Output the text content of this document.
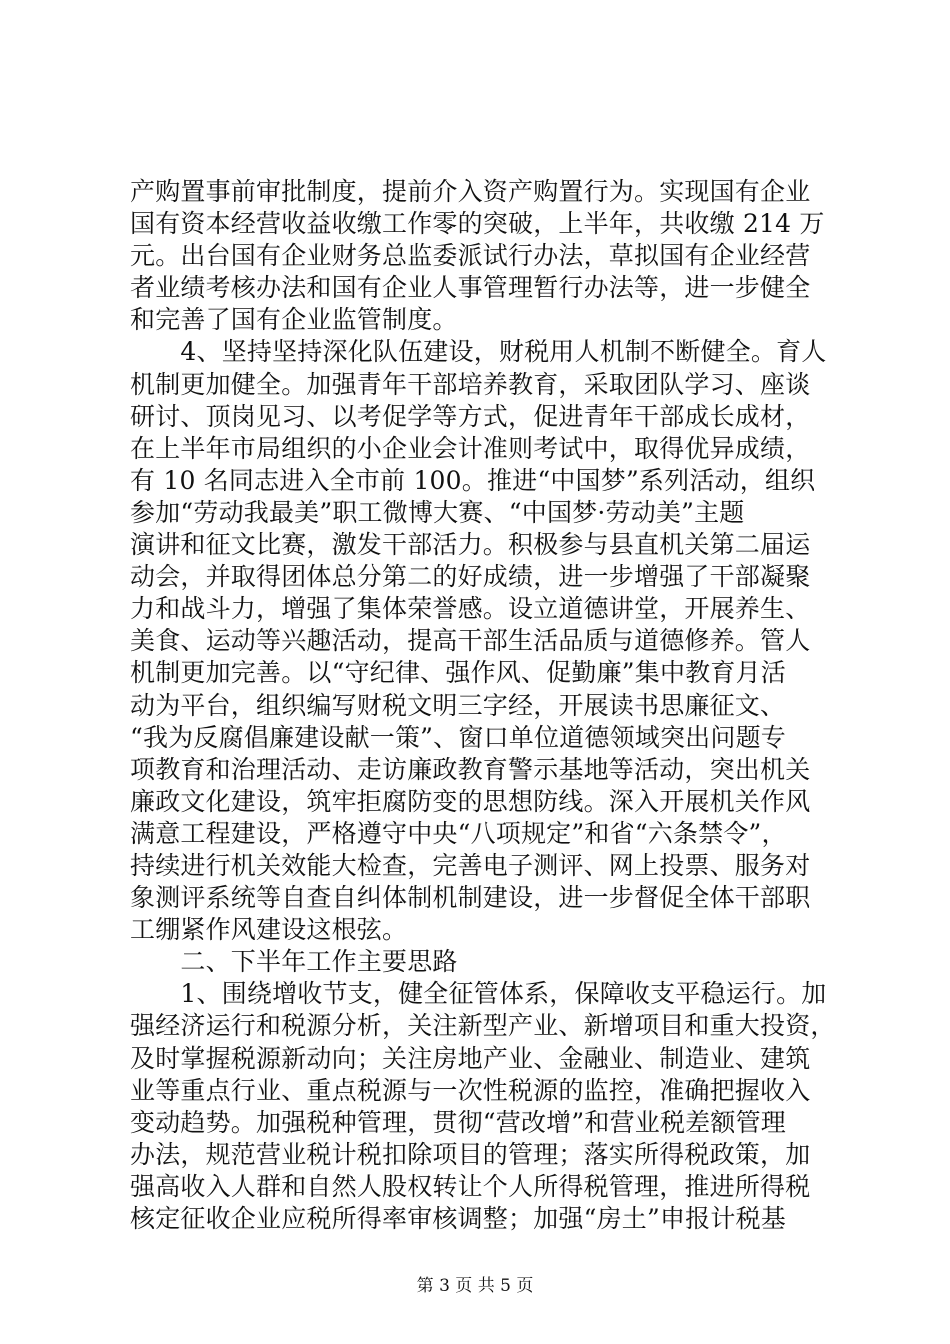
产购置事前审批制度，提前介入资产购置行为。实现国有企业
国有资本经营收益收缴工作零的突破，上半年，共收缴 214 万
元。出台国有企业财务总监委派试行办法，草拟国有企业经营
者业绩考核办法和国有企业人事管理暂行办法等，进一步健全
和完善了国有企业监管制度。
　　4、坚持坚持深化队伍建设，财税用人机制不断健全。育人
机制更加健全。加强青年干部培养教育，采取团队学习、座谈
研讨、顶岗见习、以考促学等方式，促进青年干部成长成材，
在上半年市局组织的小企业会计准则考试中，取得优异成绩，
有 10 名同志进入全市前 100。推进“中国梦”系列活动，组织
参加“劳动我最美”职工微博大赛、“中国梦·劳动美”主题
演讲和征文比赛，激发干部活力。积极参与县直机关第二届运
动会，并取得团体总分第二的好成绩，进一步增强了干部凝聚
力和战斗力，增强了集体荣誉感。设立道德讲堂，开展养生、
美食、运动等兴趣活动，提高干部生活品质与道德修养。管人
机制更加完善。以“守纪律、强作风、促勤廉”集中教育月活
动为平台，组织编写财税文明三字经，开展读书思廉征文、
“我为反腐倡廉建设献一策”、窗口单位道德领域突出问题专
项教育和治理活动、走访廉政教育警示基地等活动，突出机关
廉政文化建设，筑牢拒腐防变的思想防线。深入开展机关作风
满意工程建设，严格遵守中央“八项规定”和省“六条禁令”，
持续进行机关效能大检查，完善电子测评、网上投票、服务对
象测评系统等自查自纠体制机制建设，进一步督促全体干部职
工绷紧作风建设这根弦。
　　二、下半年工作主要思路
　　1、围绕增收节支，健全征管体系，保障收支平稳运行。加
强经济运行和税源分析，关注新型产业、新增项目和重大投资，
及时掌握税源新动向；关注房地产业、金融业、制造业、建筑
业等重点行业、重点税源与一次性税源的监控，准确把握收入
变动趋势。加强税种管理，贯彻“营改增”和营业税差额管理
办法，规范营业税计税扣除项目的管理；落实所得税政策，加
强高收入人群和自然人股权转让个人所得税管理，推进所得税
核定征收企业应税所得率审核调整；加强“房土”申报计税基
第 3 页 共 5 页
